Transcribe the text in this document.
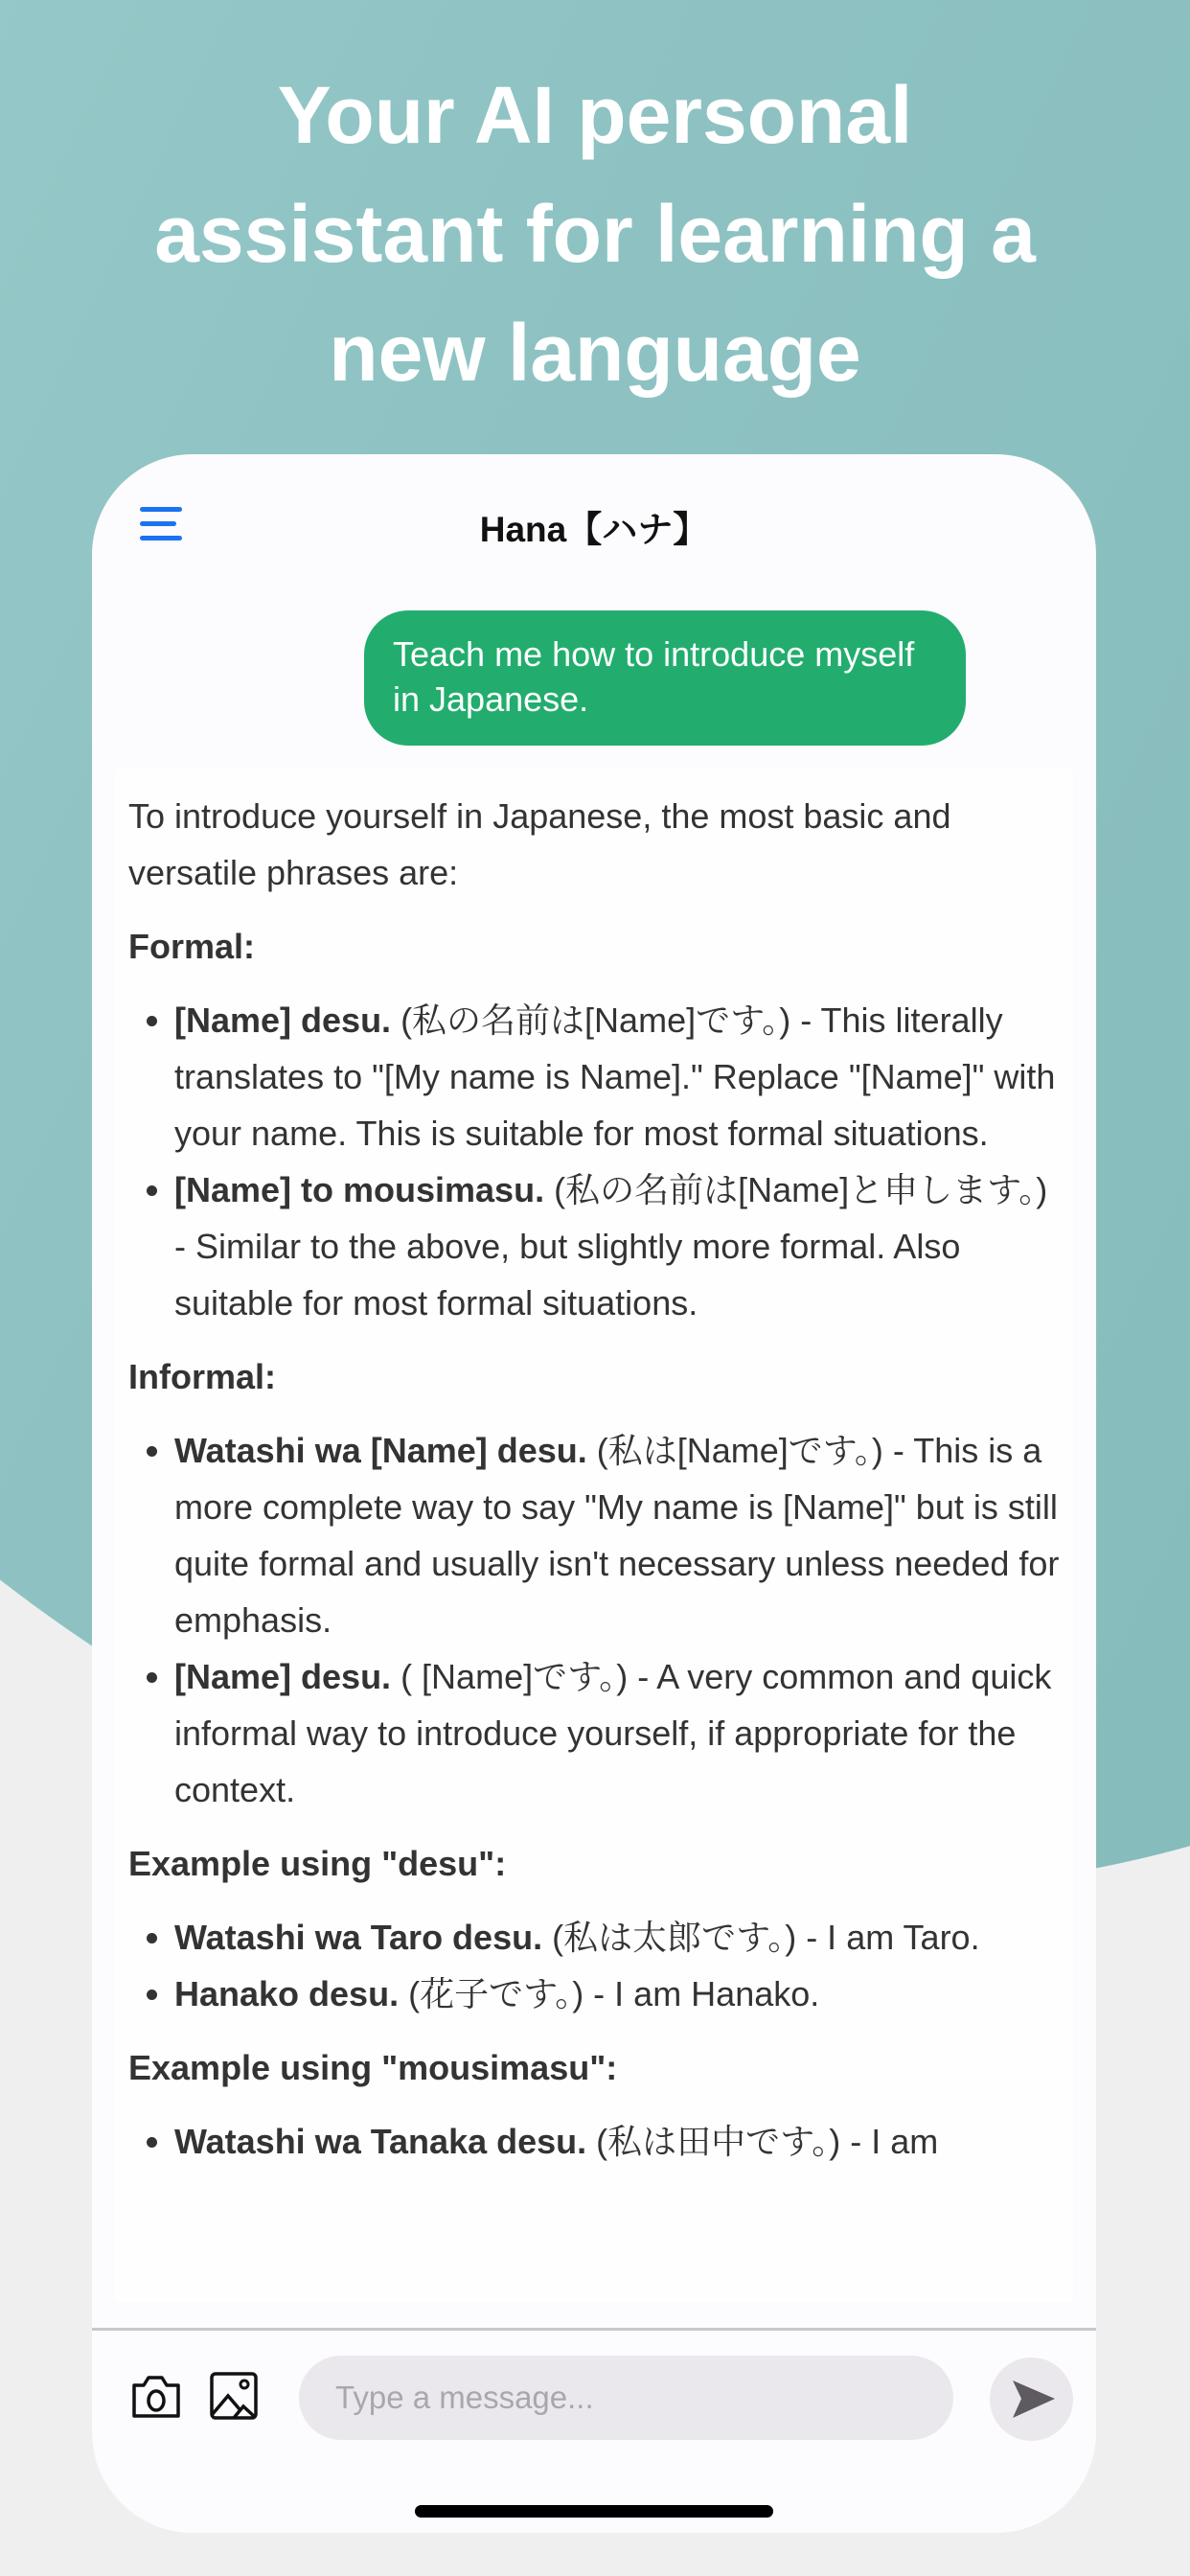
Your AI personal
assistant for learning a
new language
Hana【ハナ】
Teach me how to introduce myself in Japanese.

To introduce yourself in Japanese, the most basic and versatile phrases are:

Formal:
• [Name] desu. (私の名前は[Name]です。) - This literally translates to "[My name is Name]." Replace "[Name]" with your name. This is suitable for most formal situations.
• [Name] to mousimasu. (私の名前は[Name]と申します。) - Similar to the above, but slightly more formal. Also suitable for most formal situations.
Informal:
• Watashi wa [Name] desu. (私は[Name]です。) - This is a more complete way to say "My name is [Name]" but is still quite formal and usually isn't necessary unless needed for emphasis.
• [Name] desu. ( [Name]です。) - A very common and quick informal way to introduce yourself, if appropriate for the context.
Example using "desu":
• Watashi wa Taro desu. (私は太郎です。) - I am Taro.
• Hanako desu. (花子です。) - I am Hanako.
Example using "mousimasu":
• Watashi wa Tanaka desu. (私は田中です。) - I am
Type a message...
